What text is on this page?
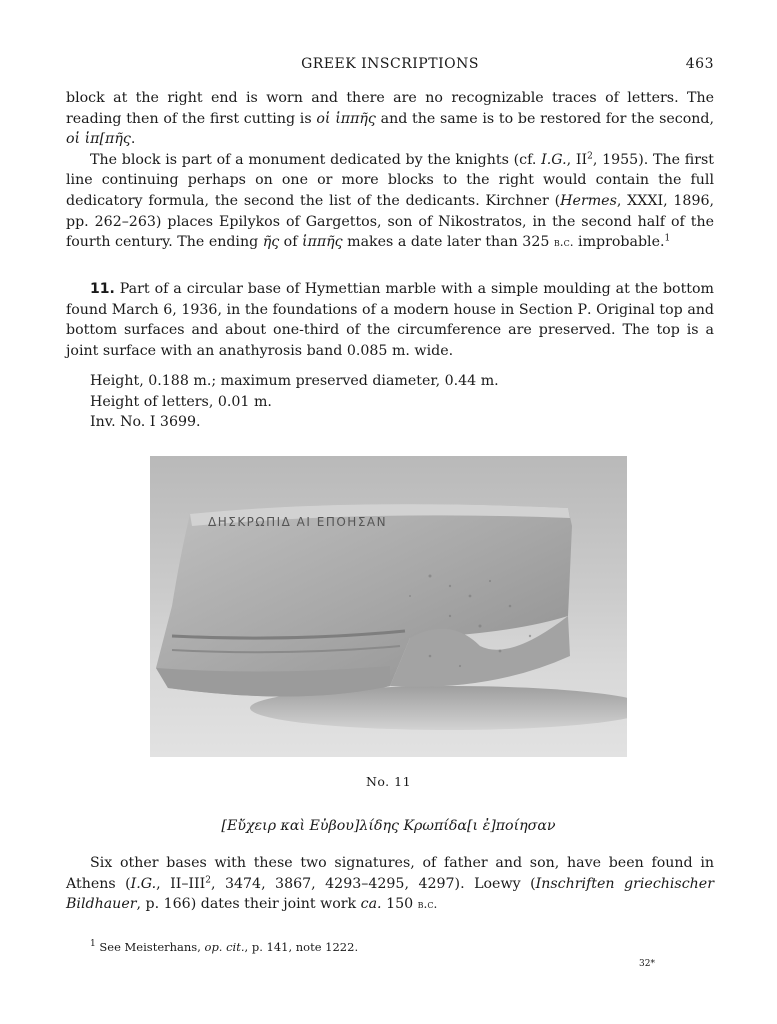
GREEK INSCRIPTIONS	463

block at the right end is worn and there are no recognizable traces of letters. The reading then of the first cutting is οἱ ἱππῆς and the same is to be restored for the second, οἱ ἱπ[πῆς.

The block is part of a monument dedicated by the knights (cf. I.G., $II^2$, 1955). The first line continuing perhaps on one or more blocks to the right would contain the full dedicatory formula, the second the list of the dedicants. Kirchner (Hermes, XXXI, 1896, pp. 262–263) places Epilykos of Gargettos, son of Nikostratos, in the second half of the fourth century. The ending ῆς of ἱππῆς makes a date later than 325 b.c. improbable.$^1$

11. Part of a circular base of Hymettian marble with a simple moulding at the bottom found March 6, 1936, in the foundations of a modern house in Section Ρ. Original top and bottom surfaces and about one-third of the circumference are preserved. The top is a joint surface with an anathyrosis band 0.085 m. wide.

Height, 0.188 m.; maximum preserved diameter, 0.44 m.
Height of letters, 0.01 m.
Inv. No. I 3699.
ΔΗΣΚΡΩΠΙΔ ΑΙ ΕΠΟΗΣΑΝ
No. 11
[Εὔχειρ καὶ Εὐβου]λίδης Κρωπίδα[ι ἐ]ποίησαν

Six other bases with these two signatures, of father and son, have been found in Athens (I.G., II–III$^2$, 3474, 3867, 4293–4295, 4297). Loewy (Inschriften griechischer Bildhauer, p. 166) dates their joint work ca. 150 b.c.

$^1$ See Meisterhans, op. cit., p. 141, note 1222.
32*
